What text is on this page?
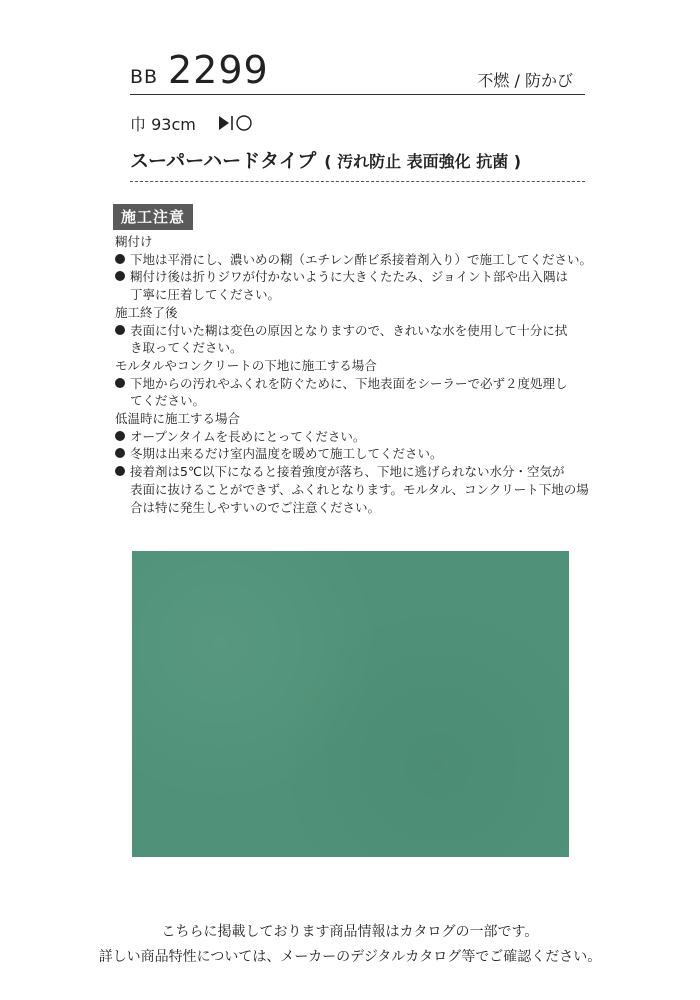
BB 2299	不燃 / 防かび
巾 93cm
スーパーハードタイプ ( 汚れ防止 表面強化 抗菌 )
施工注意
糊付け
下地は平滑にし、濃いめの糊（エチレン酢ビ系接着剤入り）で施工してください。
糊付け後は折りジワが付かないように大きくたたみ、ジョイント部や出入隅は
丁寧に圧着してください。
施工終了後
表面に付いた糊は変色の原因となりますので、きれいな水を使用して十分に拭
き取ってください。
モルタルやコンクリートの下地に施工する場合
下地からの汚れやふくれを防ぐために、下地表面をシーラーで必ず２度処理し
てください。
低温時に施工する場合
オープンタイムを長めにとってください。
冬期は出来るだけ室内温度を暖めて施工してください。
接着剤は5℃以下になると接着強度が落ち、下地に逃げられない水分・空気が
表面に抜けることができず、ふくれとなります。モルタル、コンクリート下地の場
合は特に発生しやすいのでご注意ください。
こちらに掲載しております商品情報はカタログの一部です。
詳しい商品特性については、メーカーのデジタルカタログ等でご確認ください。
